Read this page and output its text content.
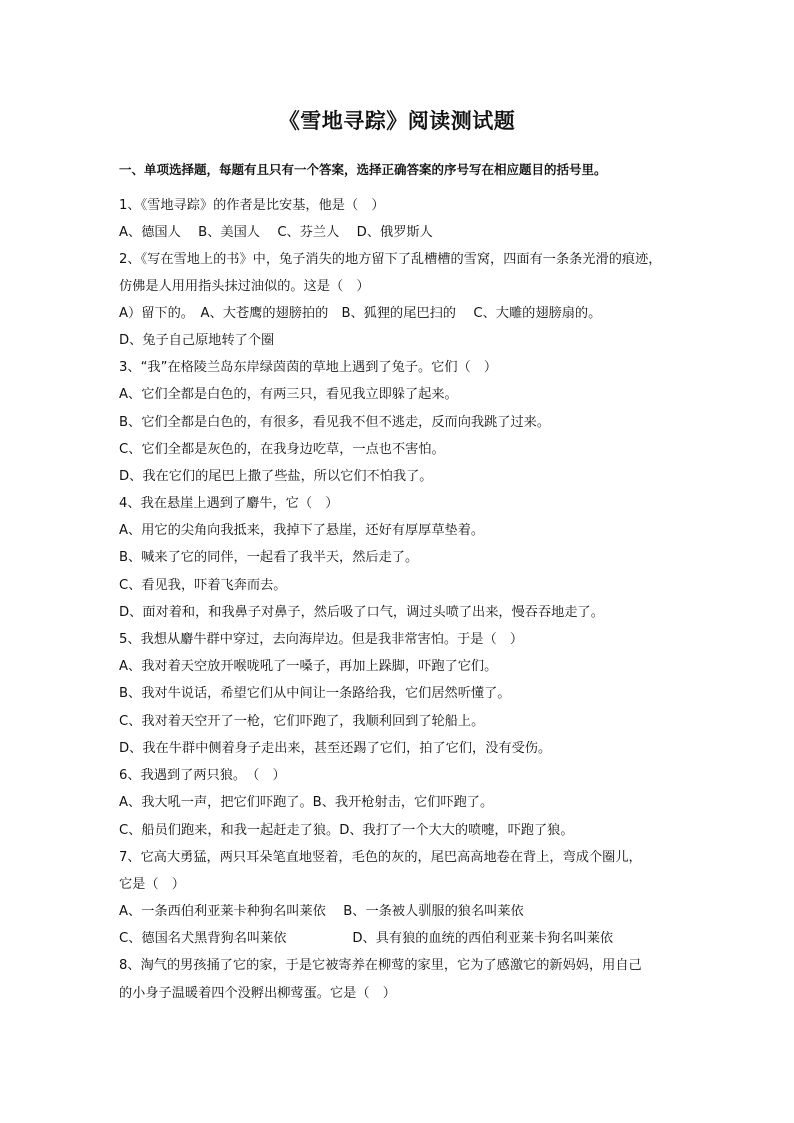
《雪地寻踪》阅读测试题
一、单项选择题，每题有且只有一个答案，选择正确答案的序号写在相应题目的括号里。
1、《雪地寻踪》的作者是比安基，他是（　）
A、德国人　 B、美国人　 C、芬兰人　 D、俄罗斯人
2、《写在雪地上的书》中，兔子消失的地方留下了乱槽槽的雪窝，四面有一条条光滑的痕迹，
仿佛是人用用指头抹过油似的。这是（　）
A）留下的。　A、大苍鹰的翅膀拍的　B、狐狸的尾巴扫的　 C、大雕的翅膀扇的。
D、兔子自己原地转了个圈
3、“我”在格陵兰岛东岸绿茵茵的草地上遇到了兔子。它们（　）
A、它们全都是白色的，有两三只，看见我立即躲了起来。
B、它们全都是白色的，有很多，看见我不但不逃走，反而向我跳了过来。
C、它们全都是灰色的，在我身边吃草，一点也不害怕。
D、我在它们的尾巴上撒了些盐，所以它们不怕我了。
4、我在悬崖上遇到了麝牛，它（　）
A、用它的尖角向我抵来，我掉下了悬崖，还好有厚厚草垫着。
B、喊来了它的同伴，一起看了我半天，然后走了。
C、看见我，吓着飞奔而去。
D、面对着和，和我鼻子对鼻子，然后吸了口气，调过头喷了出来，慢吞吞地走了。
5、我想从麝牛群中穿过，去向海岸边。但是我非常害怕。于是（　）
A、我对着天空放开喉咙吼了一嗓子，再加上跺脚，吓跑了它们。
B、我对牛说话，希望它们从中间让一条路给我，它们居然听懂了。
C、我对着天空开了一枪，它们吓跑了，我顺利回到了轮船上。
D、我在牛群中侧着身子走出来，甚至还踢了它们，拍了它们，没有受伤。
6、我遇到了两只狼。　（　）
A、我大吼一声，把它们吓跑了。B、我开枪射击，它们吓跑了。
C、船员们跑来，和我一起赶走了狼。D、我打了一个大大的喷嚏，吓跑了狼。
7、它高大勇猛，两只耳朵笔直地竖着，毛色的灰的，尾巴高高地卷在背上，弯成个圈儿，
它是（　）
A、一条西伯利亚莱卡种狗名叫莱依　 B、一条被人驯服的狼名叫莱依
C、德国名犬黑背狗名叫莱依　　　　　D、具有狼的血统的西伯利亚莱卡狗名叫莱依
8、淘气的男孩捅了它的家，于是它被寄养在柳莺的家里，它为了感激它的新妈妈，用自己
的小身子温暖着四个没孵出柳莺蛋。它是（　）
